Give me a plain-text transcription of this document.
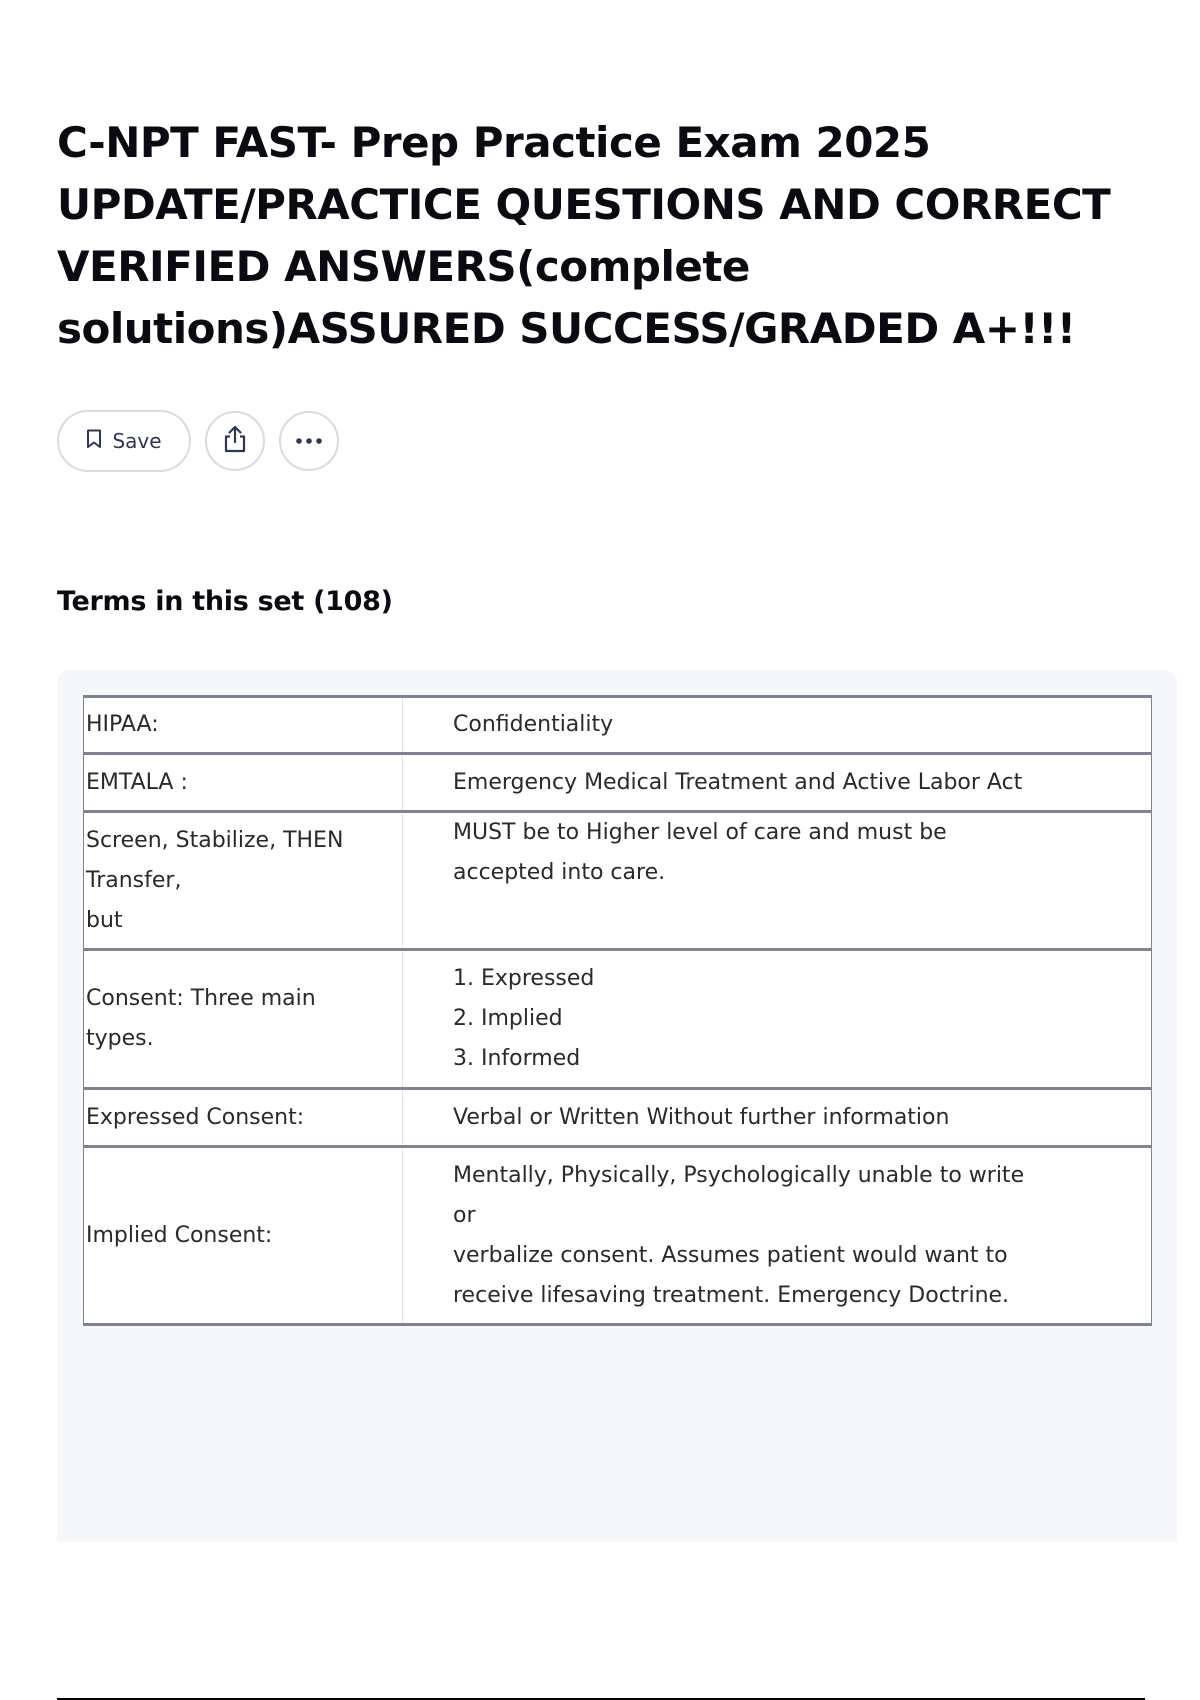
C-NPT FAST- Prep Practice Exam 2025 UPDATE/PRACTICE QUESTIONS AND CORRECT VERIFIED ANSWERS(complete solutions)ASSURED SUCCESS/GRADED A+!!!
Save
Terms in this set (108)
HIPAA:	Confidentiality

EMTALA :	Emergency Medical Treatment and Active Labor Act

Screen, Stabilize, THEN
Transfer,
but	MUST be to Higher level of care and must be
accepted into care.

Consent: Three main
types.	1. Expressed
2. Implied
3. Informed

Expressed Consent:	Verbal or Written Without further information

Implied Consent:	Mentally, Physically, Psychologically unable to write
or
verbalize consent. Assumes patient would want to
receive lifesaving treatment. Emergency Doctrine.
